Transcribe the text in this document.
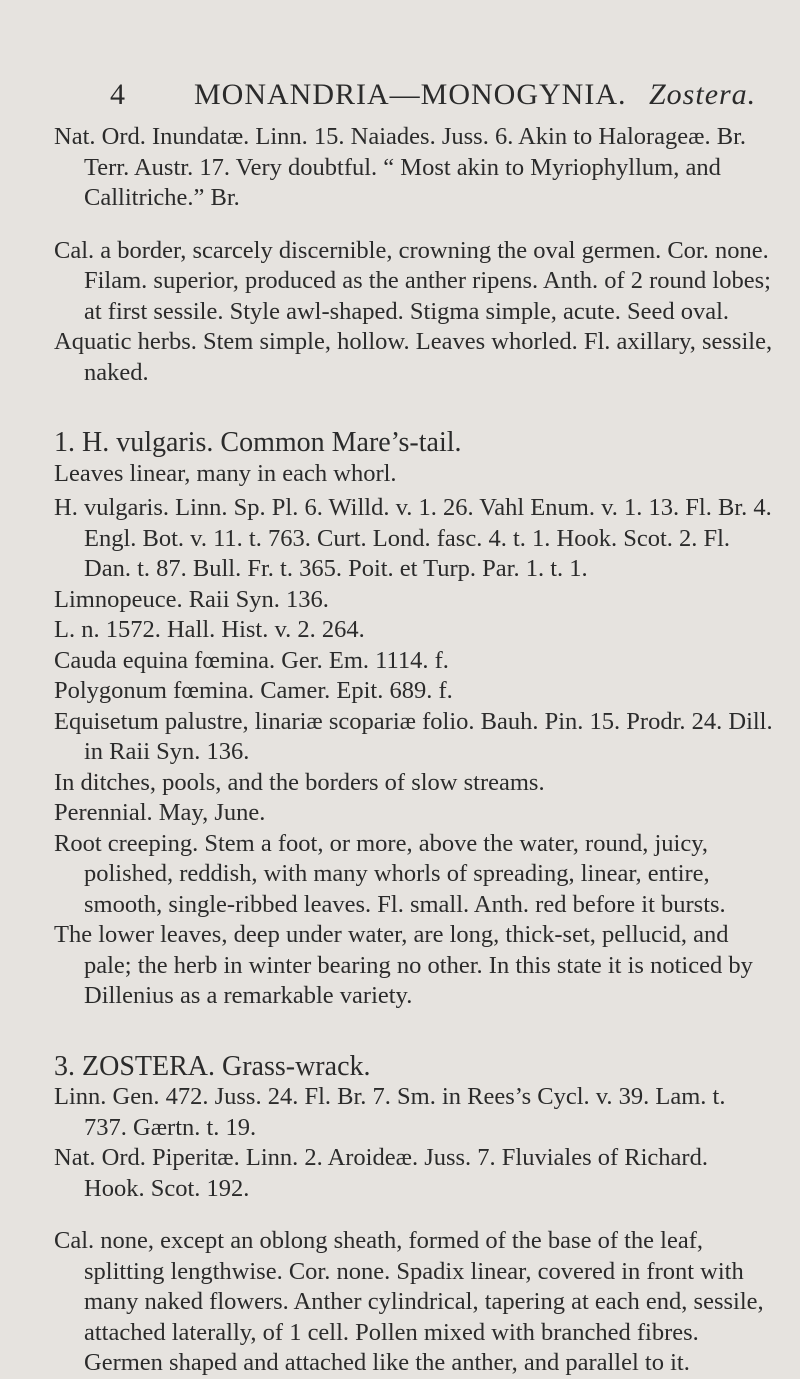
4 MONANDRIA—MONOGYNIA. Zostera.

Nat. Ord. Inundatæ. Linn. 15. Naiades. Juss. 6. Akin to Halorageæ. Br. Terr. Austr. 17. Very doubtful. “ Most akin to Myriophyllum, and Callitriche.” Br.

Cal. a border, scarcely discernible, crowning the oval germen. Cor. none. Filam. superior, produced as the anther ripens. Anth. of 2 round lobes; at first sessile. Style awl-shaped. Stigma simple, acute. Seed oval.

Aquatic herbs. Stem simple, hollow. Leaves whorled. Fl. axillary, sessile, naked.

1. H. vulgaris. Common Mare’s-tail.

Leaves linear, many in each whorl.

H. vulgaris. Linn. Sp. Pl. 6. Willd. v. 1. 26. Vahl Enum. v. 1. 13. Fl. Br. 4. Engl. Bot. v. 11. t. 763. Curt. Lond. fasc. 4. t. 1. Hook. Scot. 2. Fl. Dan. t. 87. Bull. Fr. t. 365. Poit. et Turp. Par. 1. t. 1.

Limnopeuce. Raii Syn. 136.

L. n. 1572. Hall. Hist. v. 2. 264.

Cauda equina fœmina. Ger. Em. 1114. f.

Polygonum fœmina. Camer. Epit. 689. f.

Equisetum palustre, linariæ scopariæ folio. Bauh. Pin. 15. Prodr. 24. Dill. in Raii Syn. 136.

In ditches, pools, and the borders of slow streams.

Perennial. May, June.

Root creeping. Stem a foot, or more, above the water, round, juicy, polished, reddish, with many whorls of spreading, linear, entire, smooth, single-ribbed leaves. Fl. small. Anth. red before it bursts.

The lower leaves, deep under water, are long, thick-set, pellucid, and pale; the herb in winter bearing no other. In this state it is noticed by Dillenius as a remarkable variety.

3. ZOSTERA. Grass-wrack.

Linn. Gen. 472. Juss. 24. Fl. Br. 7. Sm. in Rees’s Cycl. v. 39. Lam. t. 737. Gærtn. t. 19.

Nat. Ord. Piperitæ. Linn. 2. Aroideæ. Juss. 7. Fluviales of Richard. Hook. Scot. 192.

Cal. none, except an oblong sheath, formed of the base of the leaf, splitting lengthwise. Cor. none. Spadix linear, covered in front with many naked flowers. Anther cylindrical, tapering at each end, sessile, attached laterally, of 1 cell. Pollen mixed with branched fibres. Germen shaped and attached like the anther, and parallel to it.
